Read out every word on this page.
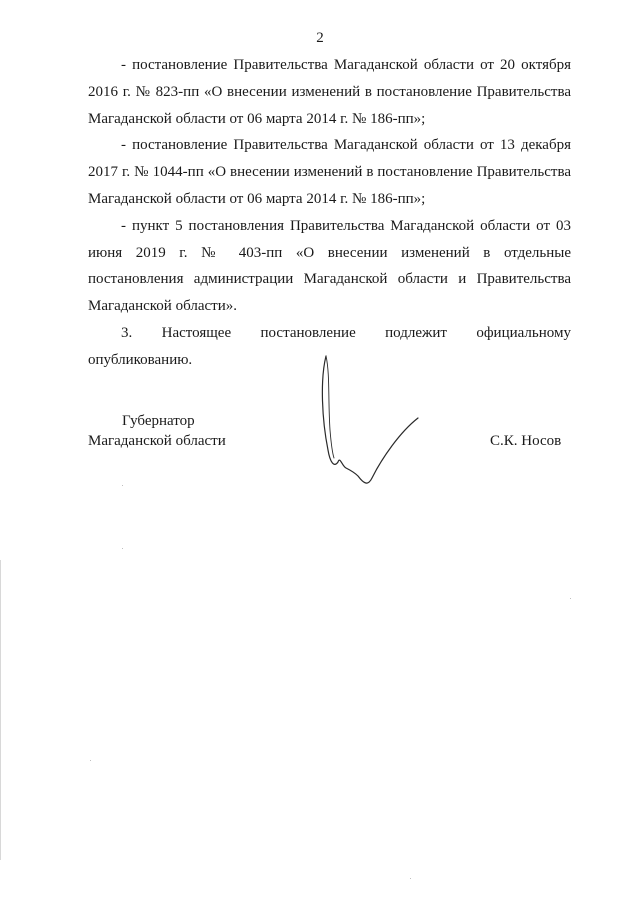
2

- постановление Правительства Магаданской области от 20 октября 2016 г. № 823-пп «О внесении изменений в постановление Правительства Магаданской области от 06 марта 2014 г. № 186-пп»;

- постановление Правительства Магаданской области от 13 декабря 2017 г. № 1044-пп «О внесении изменений в постановление Правительства Магаданской области от 06 марта 2014 г. № 186-пп»;

- пункт 5 постановления Правительства Магаданской области от 03 июня 2019 г. № 403-пп «О внесении изменений в отдельные постановления администрации Магаданской области и Правительства Магаданской области».

3. Настоящее постановление подлежит официальному опубликованию.

Губернатор
Магаданской области	С.К. Носов
